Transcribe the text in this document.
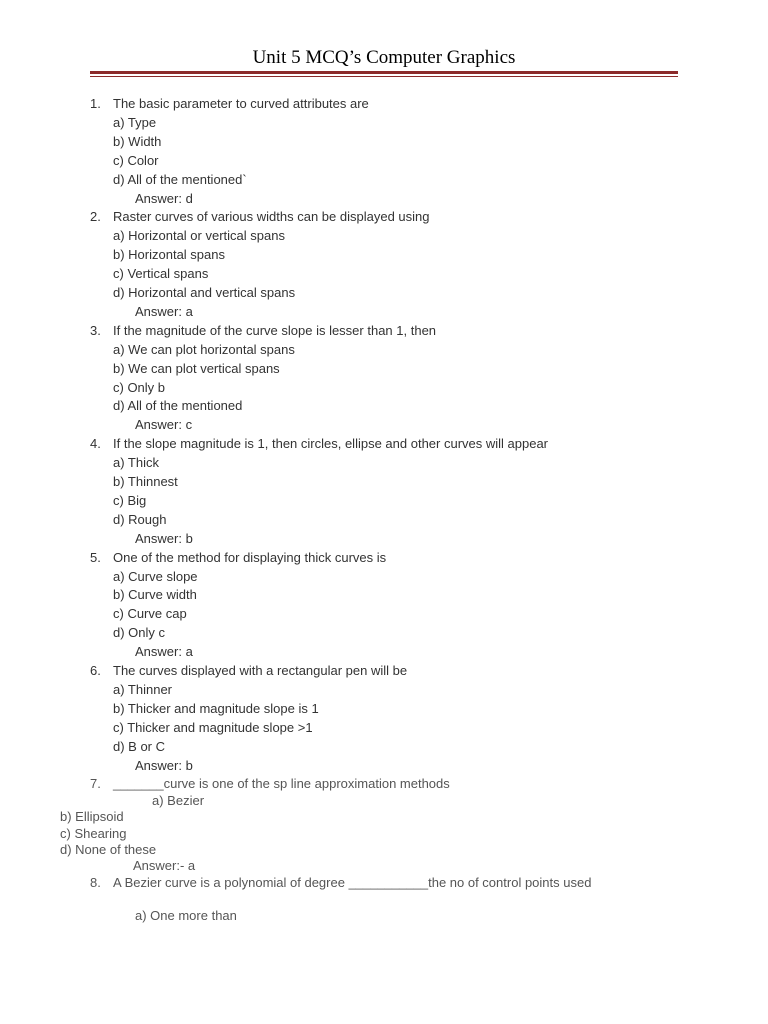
Unit 5 MCQ’s Computer Graphics
1. The basic parameter to curved attributes are
a) Type
b) Width
c) Color
d) All of the mentioned`
Answer: d
2. Raster curves of various widths can be displayed using
a) Horizontal or vertical spans
b) Horizontal spans
c) Vertical spans
d) Horizontal and vertical spans
Answer: a
3. If the magnitude of the curve slope is lesser than 1, then
a) We can plot horizontal spans
b) We can plot vertical spans
c) Only b
d) All of the mentioned
Answer: c
4. If the slope magnitude is 1, then circles, ellipse and other curves will appear
a) Thick
b) Thinnest
c) Big
d) Rough
Answer: b
5. One of the method for displaying thick curves is
a) Curve slope
b) Curve width
c) Curve cap
d) Only c
Answer: a
6. The curves displayed with a rectangular pen will be
a) Thinner
b) Thicker and magnitude slope is 1
c) Thicker and magnitude slope >1
d) B or C
Answer: b
7. _______curve is one of the sp line approximation methods
a) Bezier
b) Ellipsoid
c) Shearing
d) None of these
Answer:- a
8. A Bezier curve is a polynomial of degree ___________the no of control points used
a) One more than
